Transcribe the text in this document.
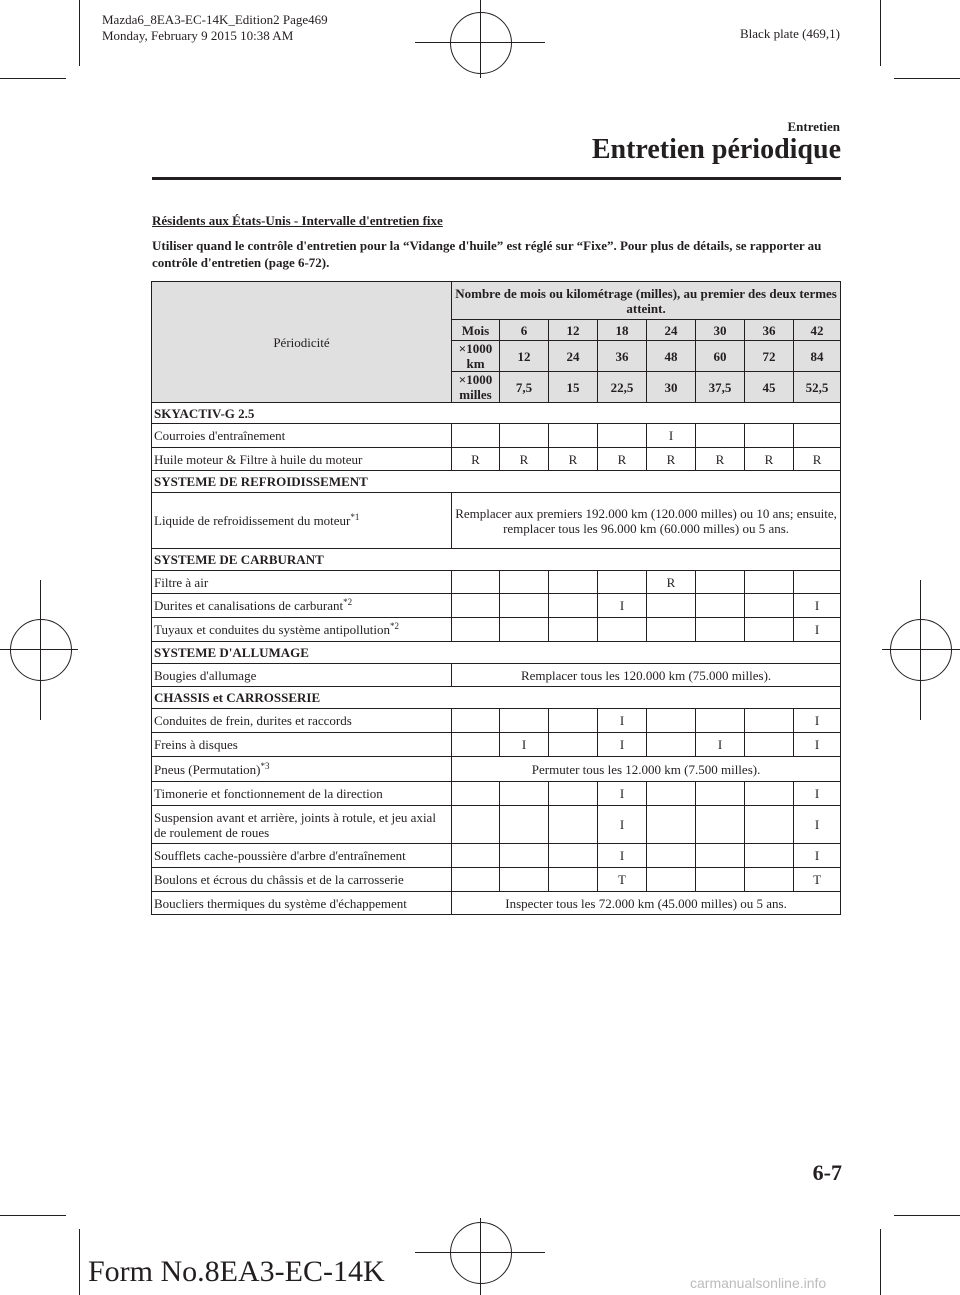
Mazda6_8EA3-EC-14K_Edition2 Page469
Monday, February 9 2015 10:38 AM	Black plate (469,1)
Entretien
Entretien périodique
Résidents aux États-Unis - Intervalle d'entretien fixe
Utiliser quand le contrôle d'entretien pour la “Vidange d'huile” est réglé sur “Fixe”. Pour plus de détails, se rapporter au contrôle d'entretien (page 6-72).
Périodicité	Nombre de mois ou kilométrage (milles), au premier des deux termes atteint.							
	Mois	6	12	18	24	30	36	42
	×1000 km	12	24	36	48	60	72	84
	×1000 milles	7,5	15	22,5	30	37,5	45	52,5
SKYACTIV-G 2.5								
Courroies d'entraînement					I			
Huile moteur & Filtre à huile du moteur	R	R	R	R	R	R	R	R
SYSTEME DE REFROIDISSEMENT								
Liquide de refroidissement du moteur$^{*1}$	Remplacer aux premiers 192.000 km (120.000 milles) ou 10 ans; ensuite, remplacer tous les 96.000 km (60.000 milles) ou 5 ans.							
SYSTEME DE CARBURANT								
Filtre à air					R			
Durites et canalisations de carburant$^{*2}$				I				I
Tuyaux et conduites du système antipollution$^{*2}$								I
SYSTEME D'ALLUMAGE								
Bougies d'allumage	Remplacer tous les 120.000 km (75.000 milles).							
CHASSIS et CARROSSERIE								
Conduites de frein, durites et raccords				I				I
Freins à disques		I		I		I		I
Pneus (Permutation)$^{*3}$	Permuter tous les 12.000 km (7.500 milles).							
Timonerie et fonctionnement de la direction				I				I
Suspension avant et arrière, joints à rotule, et jeu axial de roulement de roues				I				I
Soufflets cache-poussière d'arbre d'entraînement				I				I
Boulons et écrous du châssis et de la carrosserie				T				T
Boucliers thermiques du système d'échappement	Inspecter tous les 72.000 km (45.000 milles) ou 5 ans.							
6-7
Form No.8EA3-EC-14K	carmanualsonline.info
